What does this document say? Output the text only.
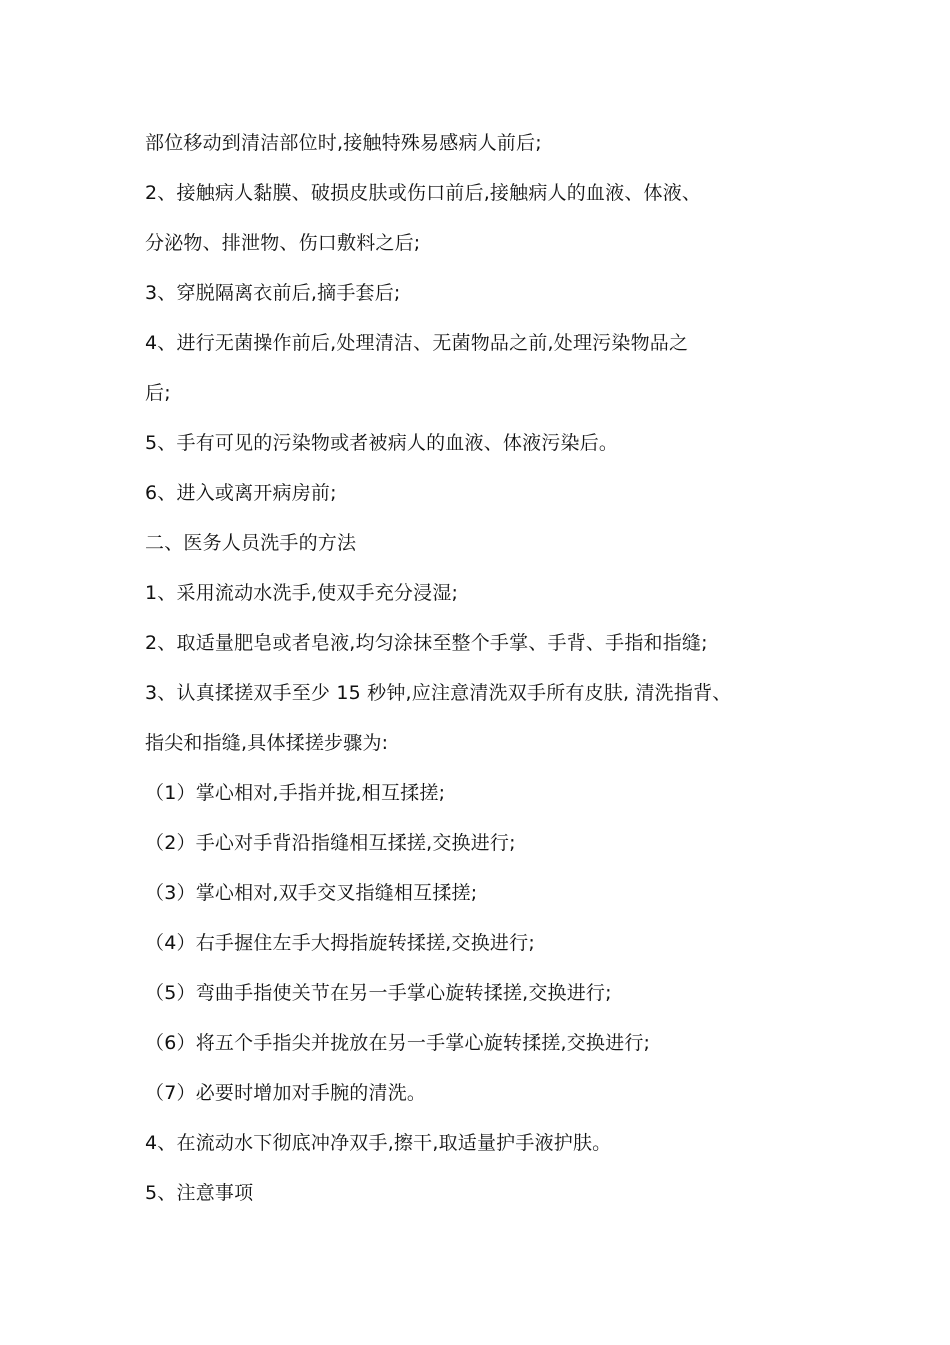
部位移动到清洁部位时,接触特殊易感病人前后;
2、接触病人黏膜、破损皮肤或伤口前后,接触病人的血液、体液、
分泌物、排泄物、伤口敷料之后;
3、穿脱隔离衣前后,摘手套后;
4、进行无菌操作前后,处理清洁、无菌物品之前,处理污染物品之
后;
5、手有可见的污染物或者被病人的血液、体液污染后。
6、进入或离开病房前;
二、医务人员洗手的方法
1、采用流动水洗手,使双手充分浸湿;
2、取适量肥皂或者皂液,均匀涂抹至整个手掌、手背、手指和指缝;
3、认真揉搓双手至少 15 秒钟,应注意清洗双手所有皮肤, 清洗指背、
指尖和指缝,具体揉搓步骤为:
（1）掌心相对,手指并拢,相互揉搓;
（2）手心对手背沿指缝相互揉搓,交换进行;
（3）掌心相对,双手交叉指缝相互揉搓;
（4）右手握住左手大拇指旋转揉搓,交换进行;
（5）弯曲手指使关节在另一手掌心旋转揉搓,交换进行;
（6）将五个手指尖并拢放在另一手掌心旋转揉搓,交换进行;
（7）必要时增加对手腕的清洗。
4、在流动水下彻底冲净双手,擦干,取适量护手液护肤。
5、注意事项
